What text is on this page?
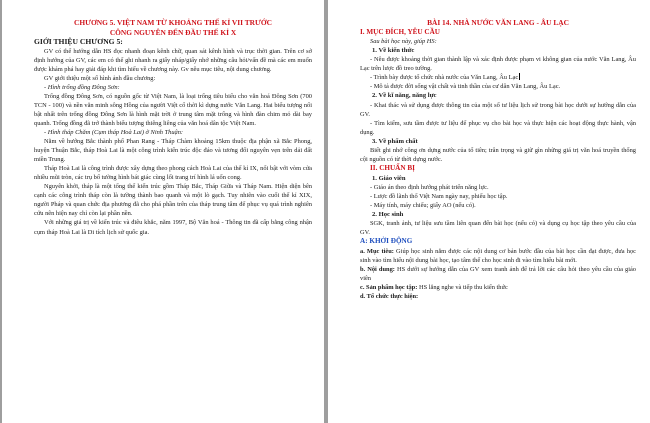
CHƯƠNG 5. VIỆT NAM TỪ KHOẢNG THẾ KỈ VII TRƯỚC
CÔNG NGUYÊN ĐẾN ĐẦU THẾ KỈ X
GIỚI THIỆU CHƯƠNG 5:
GV có thể hướng dẫn HS đọc nhanh đoạn kênh chữ, quan sát kênh hình và trục thời gian. Trên cơ sở định hướng của GV, các em có thể ghi nhanh ra giấy nháp/giấy nhớ những câu hỏi/vấn đề mà các em muốn được khám phá hay giải đáp khi tìm hiểu về chương này. Gv nêu mục tiêu, nội dung chương.
GV giới thiệu một số hình ảnh đầu chương:
- Hình trống đồng Đông Sơn:
Trống đồng Đông Sơn, có nguồn gốc từ Việt Nam, là loại trống tiêu biểu cho văn hoá Đông Sơn (700 TCN - 100) và nền văn minh sông Hồng của người Việt cổ thời kì dựng nước Văn Lang. Hai biểu tượng nổi bật nhất trên trống đồng Đông Sơn là hình mặt trời ở trung tâm mặt trống và hình đàn chim mỏ dài bay quanh. Trống đồng đã trở thành biểu tượng thiêng liêng của văn hoá dân tộc Việt Nam.
- Hình tháp Chăm (Cụm tháp Hoà Lai) ở Ninh Thuận:
Nằm về hướng Bắc thành phố Phan Rang - Tháp Chàm khoảng 15km thuộc địa phận xã Bắc Phong, huyện Thuận Bắc, tháp Hoà Lai là một công trình kiến trúc độc đáo và tương đối nguyên vẹn trên dải đất miền Trung.
Tháp Hoà Lai là công trình được xây dựng theo phong cách Hoà Lai của thế kỉ IX, nổi bật với vòm cửa nhiều mũi tròn, các trụ bổ tường hình bát giác cùng lối trang trí hình lá uốn cong.
Nguyên khởi, tháp là một tổng thể kiến trúc gồm Tháp Bắc, Tháp Giữa và Tháp Nam. Hiện diện bên cạnh các công trình tháp còn là tường thành bao quanh và một lò gạch. Tuy nhiên vào cuối thế kỉ XIX, người Pháp và quan chức địa phương đã cho phá phần trên của tháp trung tâm để phục vụ quá trình nghiên cứu nên hiện nay chỉ còn lại phần nền.
Với những giá trị về kiến trúc và điêu khắc, năm 1997, Bộ Văn hoá - Thông tin đã cấp bằng công nhận cụm tháp Hoà Lai là Di tích lịch sử quốc gia.
BÀI 14. NHÀ NƯỚC VĂN LANG - ÂU LẠC
I. MỤC ĐÍCH, YÊU CẦU
Sau bài học này, giúp HS:
1. Về kiến thức
- Nêu được khoảng thời gian thành lập và xác định được phạm vi không gian của nước Văn Lang, Âu Lạc trên lược đồ treo tường.
- Trình bày được tổ chức nhà nước của Văn Lang, Âu Lạc
- Mô tả được đời sống vật chất và tinh thần của cư dân Văn Lang, Âu Lạc.
2. Về kĩ năng, năng lực
- Khai thác và sử dụng được thông tin của một số tư liệu lịch sử trong bài học dưới sự hướng dẫn của GV.
- Tìm kiếm, sưu tầm được tư liệu để phục vụ cho bài học và thực hiện các hoạt động thực hành, vận dụng.
3. Về phẩm chất
Biết ghi nhớ công ơn dựng nước của tổ tiên; trân trọng và giữ gìn những giá trị văn hoá truyền thống cội nguồn có từ thời dựng nước.
II. CHUẨN BỊ
1. Giáo viên
- Giáo án theo định hướng phát triển năng lực.
- Lược đồ lãnh thổ Việt Nam ngày nay, phiếu học tập.
- Máy tính, máy chiếu; giấy AO (nếu có).
2. Học sinh
SGK, tranh ảnh, tư liệu sưu tầm liên quan đến bài học (nếu có) và dụng cụ học tập theo yêu cầu của GV.
A: KHỞI ĐỘNG
a. Mục tiêu: Giúp học sinh nắm được các nội dung cơ bản bước đầu của bài học cần đạt được, đưa học sinh vào tìm hiểu nội dung bài học, tạo tâm thế cho học sinh đi vào tìm hiểu bài mới.
b. Nội dung: HS dưới sự hướng dẫn của GV xem tranh ảnh để trả lời các câu hỏi theo yêu cầu của giáo viên
c. Sản phẩm học tập: HS lắng nghe và tiếp thu kiến thức
d. Tổ chức thực hiện:
